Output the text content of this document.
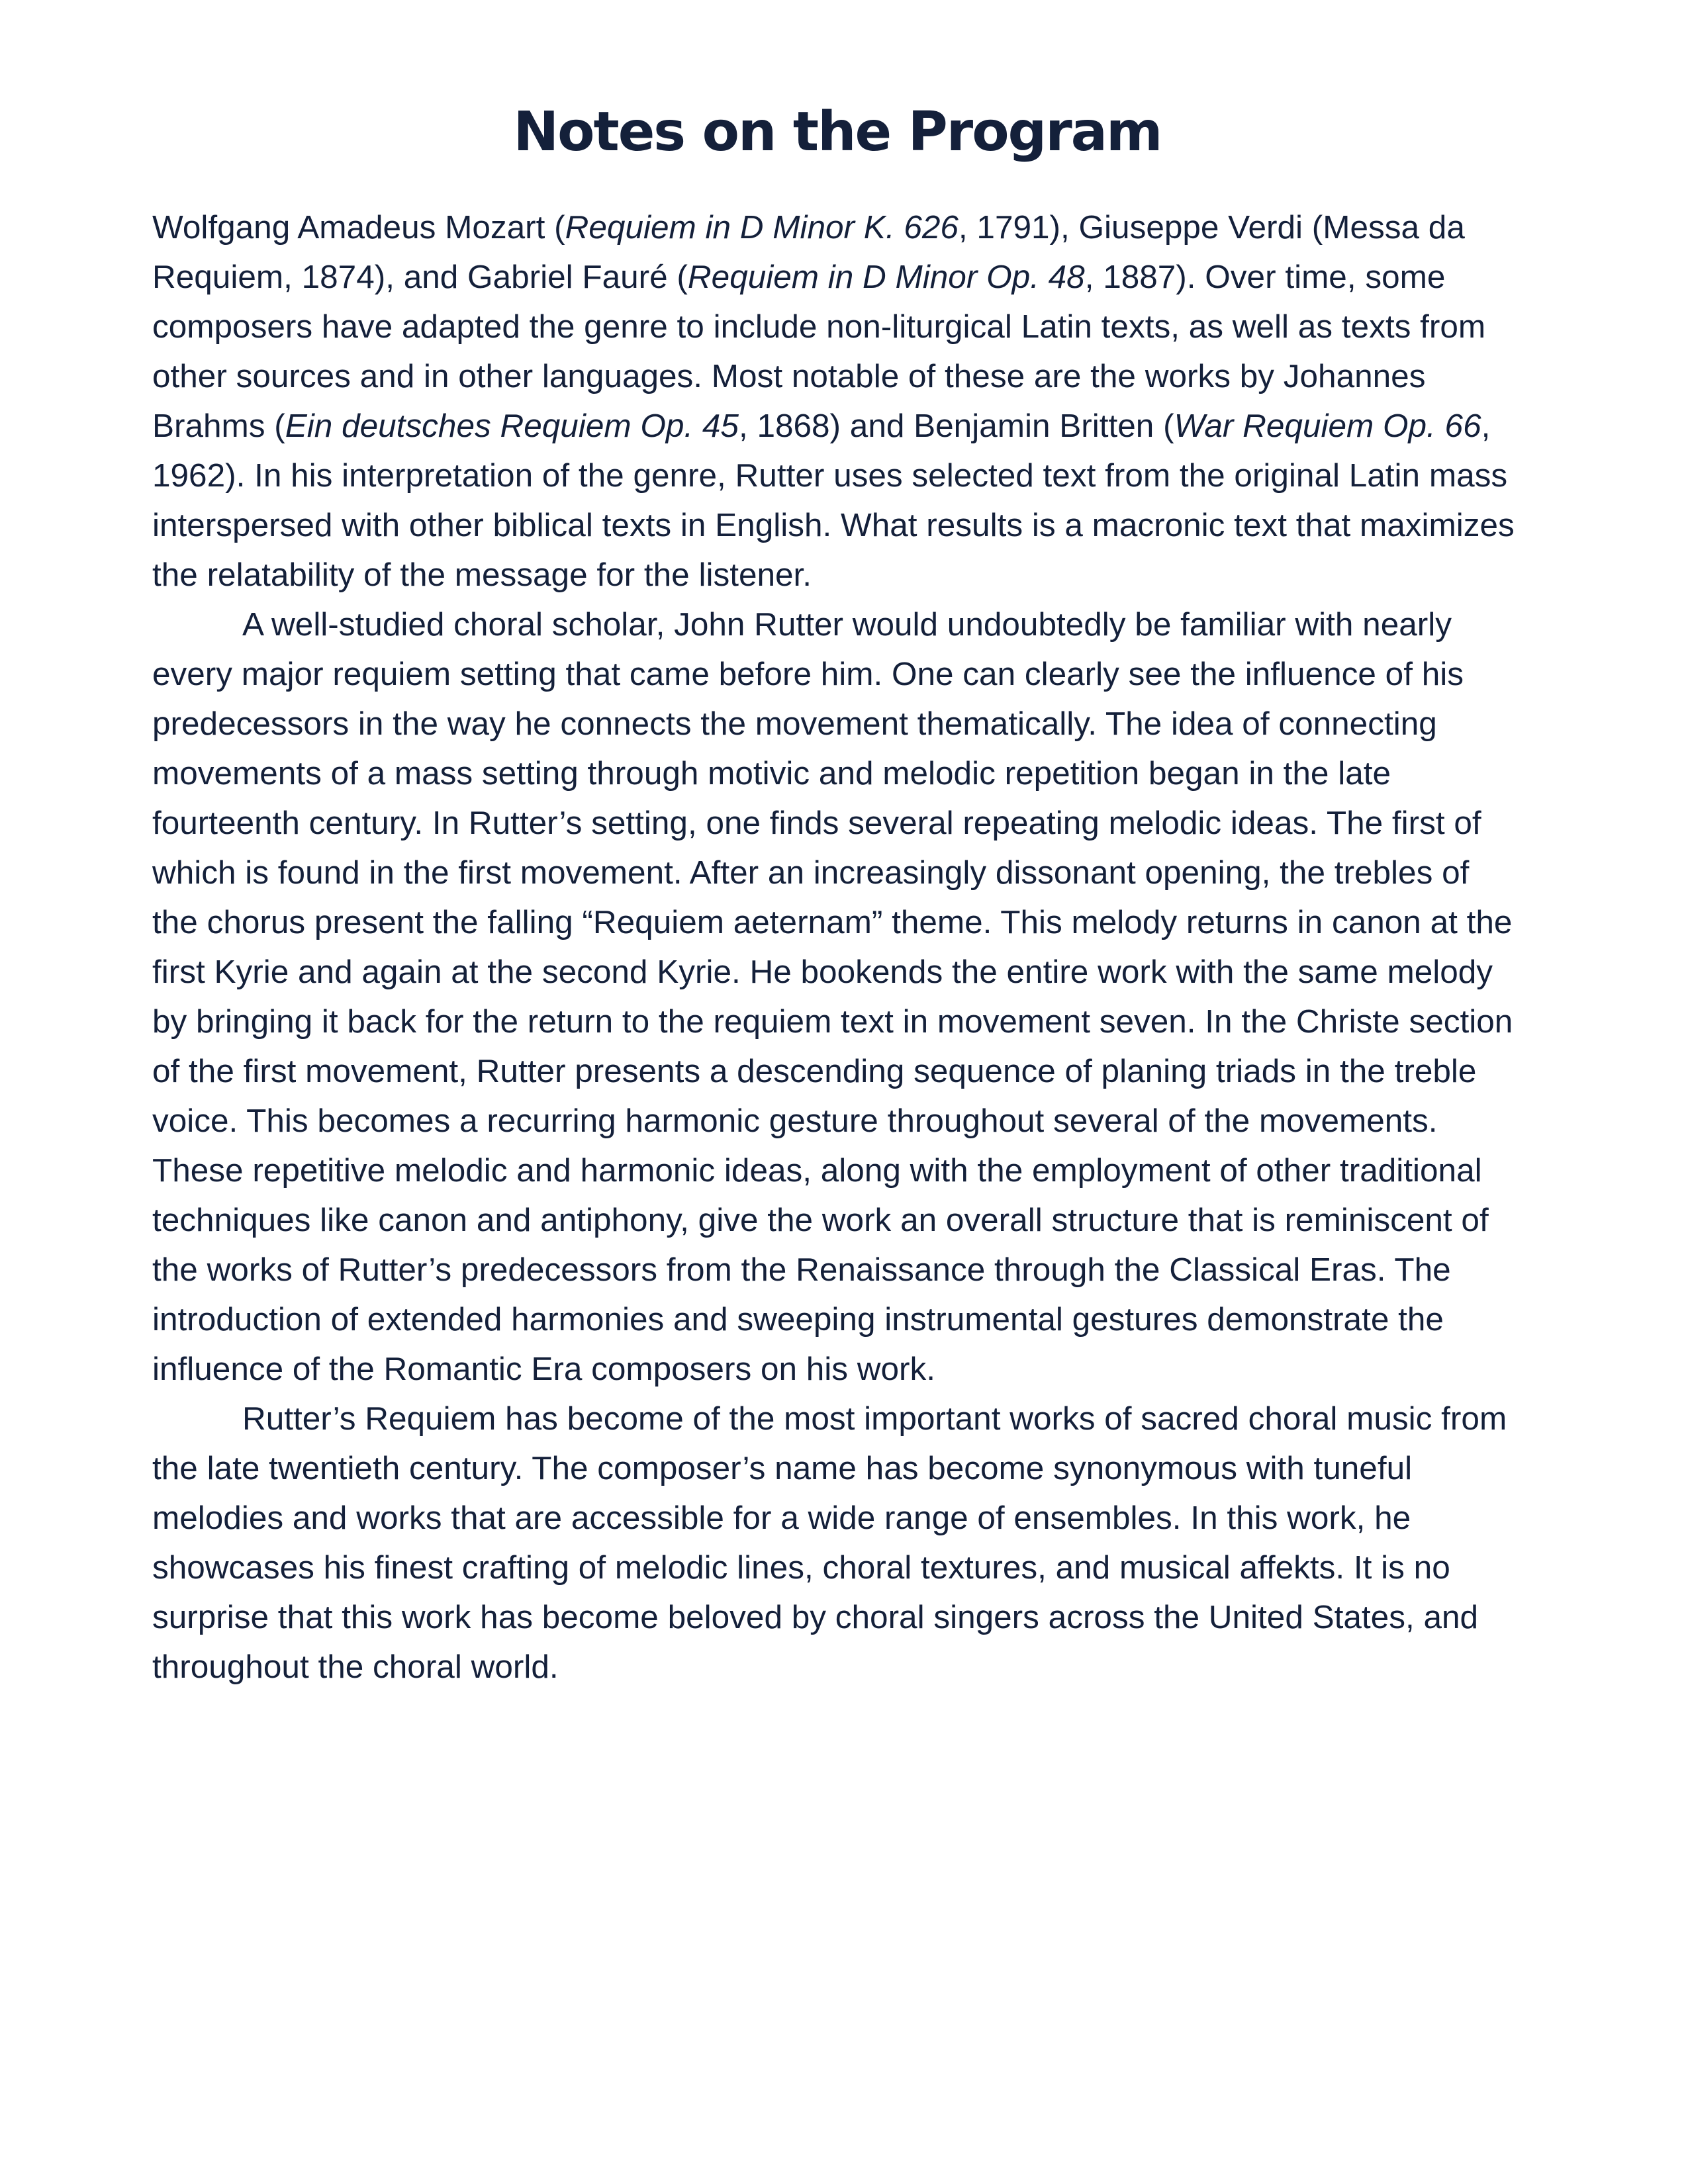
Notes on the Program

Wolfgang Amadeus Mozart (Requiem in D Minor K. 626, 1791), Giuseppe Verdi (Messa da Requiem, 1874), and Gabriel Fauré (Requiem in D Minor Op. 48, 1887). Over time, some composers have adapted the genre to include non-liturgical Latin texts, as well as texts from other sources and in other languages. Most notable of these are the works by Johannes Brahms (Ein deutsches Requiem Op. 45, 1868) and Benjamin Britten (War Requiem Op. 66, 1962). In his interpretation of the genre, Rutter uses selected text from the original Latin mass interspersed with other biblical texts in English. What results is a macronic text that maximizes the relatability of the message for the listener.

A well-studied choral scholar, John Rutter would undoubtedly be familiar with nearly every major requiem setting that came before him. One can clearly see the influence of his predecessors in the way he connects the movement thematically. The idea of connecting movements of a mass setting through motivic and melodic repetition began in the late fourteenth century. In Rutter’s setting, one finds several repeating melodic ideas. The first of which is found in the first movement. After an increasingly dissonant opening, the trebles of the chorus present the falling “Requiem aeternam” theme. This melody returns in canon at the first Kyrie and again at the second Kyrie. He bookends the entire work with the same melody by bringing it back for the return to the requiem text in movement seven. In the Christe section of the first movement, Rutter presents a descending sequence of planing triads in the treble voice. This becomes a recurring harmonic gesture throughout several of the movements. These repetitive melodic and harmonic ideas, along with the employment of other traditional techniques like canon and antiphony, give the work an overall structure that is reminiscent of the works of Rutter’s predecessors from the Renaissance through the Classical Eras. The introduction of extended harmonies and sweeping instrumental gestures demonstrate the influence of the Romantic Era composers on his work.

Rutter’s Requiem has become of the most important works of sacred choral music from the late twentieth century. The composer’s name has become synonymous with tuneful melodies and works that are accessible for a wide range of ensembles. In this work, he showcases his finest crafting of melodic lines, choral textures, and musical affekts. It is no surprise that this work has become beloved by choral singers across the United States, and throughout the choral world.
